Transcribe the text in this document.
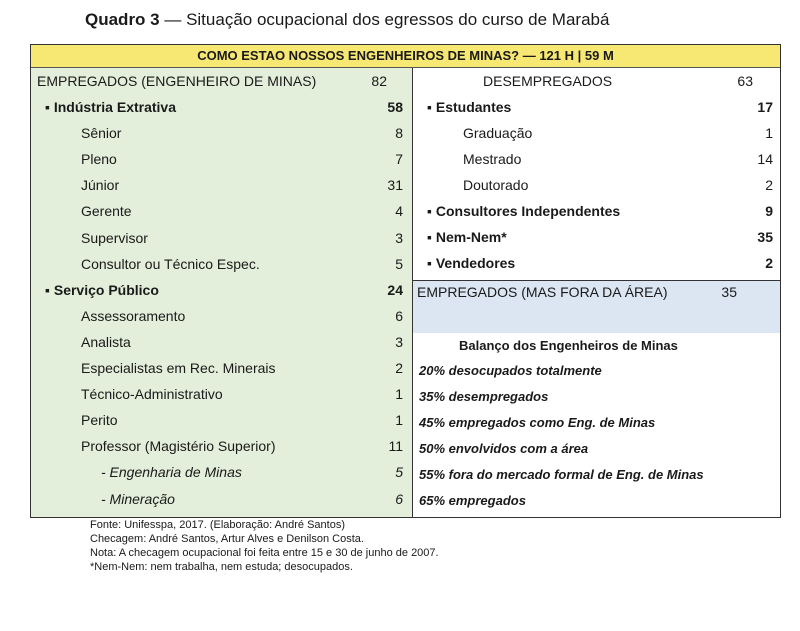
Quadro 3 — Situação ocupacional dos egressos do curso de Marabá
COMO ESTAO NOSSOS ENGENHEIROS DE MINAS? — 121 H | 59 M
EMPREGADOS (ENGENHEIRO DE MINAS)	82
▪ Indústria Extrativa	58
Sênior	8
Pleno	7
Júnior	31
Gerente	4
Supervisor	3
Consultor ou Técnico Espec.	5
▪ Serviço Público	24
Assessoramento	6
Analista	3
Especialistas em Rec. Minerais	2
Técnico-Administrativo	1
Perito	1
Professor (Magistério Superior)	11
- Engenharia de Minas	5
- Mineração	6
DESEMPREGADOS	63
▪ Estudantes	17
Graduação	1
Mestrado	14
Doutorado	2
▪ Consultores Independentes	9
▪ Nem-Nem*	35
▪ Vendedores	2
EMPREGADOS (MAS FORA DA ÁREA)	35
Balanço dos Engenheiros de Minas
20% desocupados totalmente
35% desempregados
45% empregados como Eng. de Minas
50% envolvidos com a área
55% fora do mercado formal de Eng. de Minas
65% empregados
Fonte: Unifesspa, 2017. (Elaboração: André Santos)
Checagem: André Santos, Artur Alves e Denilson Costa.
Nota: A checagem ocupacional foi feita entre 15 e 30 de junho de 2007.
*Nem-Nem: nem trabalha, nem estuda; desocupados.
